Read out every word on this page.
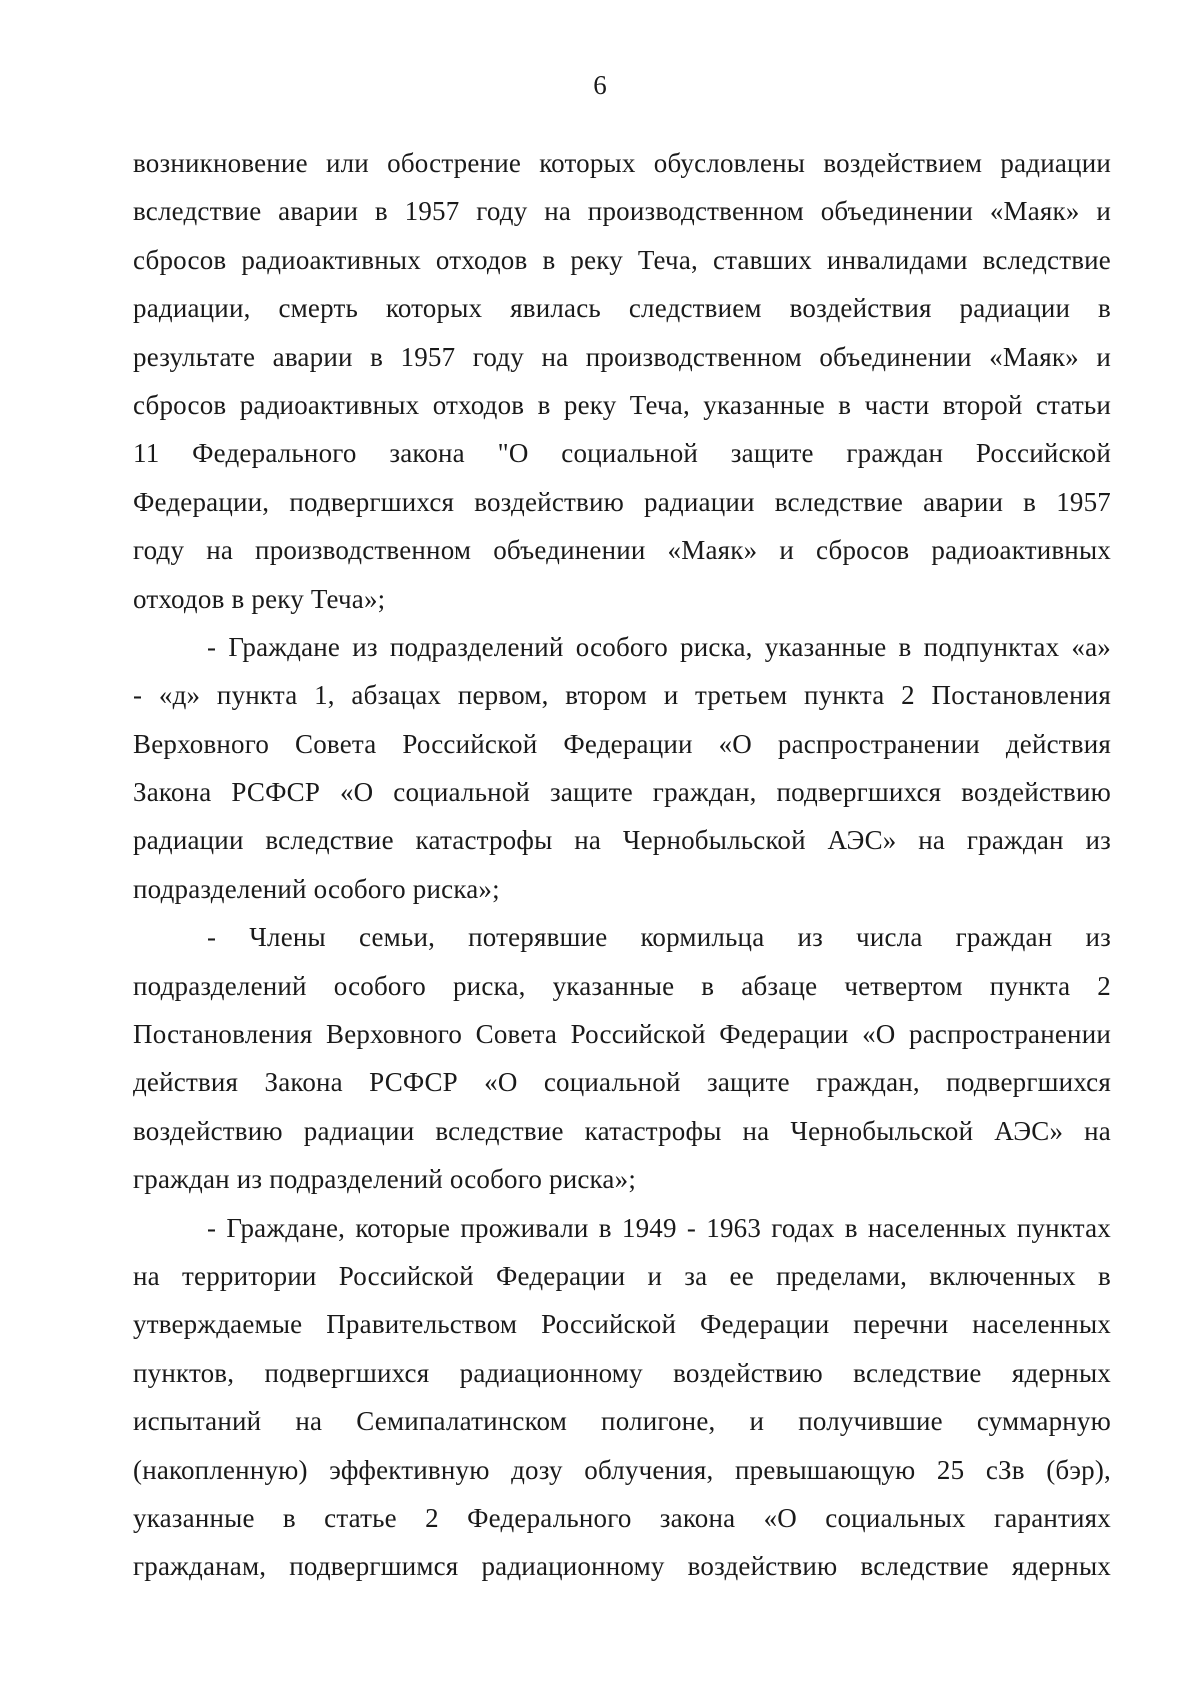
6
возникновение или обострение которых обусловлены воздействием радиации
вследствие аварии в 1957 году на производственном объединении «Маяк» и
сбросов радиоактивных отходов в реку Теча, ставших инвалидами вследствие
радиации, смерть которых явилась следствием воздействия радиации в
результате аварии в 1957 году на производственном объединении «Маяк» и
сбросов радиоактивных отходов в реку Теча, указанные в части второй статьи
11 Федерального закона "О социальной защите граждан Российской
Федерации, подвергшихся воздействию радиации вследствие аварии в 1957
году на производственном объединении «Маяк» и сбросов радиоактивных
отходов в реку Теча»;
- Граждане из подразделений особого риска, указанные в подпунктах «а»
- «д» пункта 1, абзацах первом, втором и третьем пункта 2 Постановления
Верховного Совета Российской Федерации «О распространении действия
Закона РСФСР «О социальной защите граждан, подвергшихся воздействию
радиации вследствие катастрофы на Чернобыльской АЭС» на граждан из
подразделений особого риска»;
- Члены семьи, потерявшие кормильца из числа граждан из
подразделений особого риска, указанные в абзаце четвертом пункта 2
Постановления Верховного Совета Российской Федерации «О распространении
действия Закона РСФСР «О социальной защите граждан, подвергшихся
воздействию радиации вследствие катастрофы на Чернобыльской АЭС» на
граждан из подразделений особого риска»;
- Граждане, которые проживали в 1949 - 1963 годах в населенных пунктах
на территории Российской Федерации и за ее пределами, включенных в
утверждаемые Правительством Российской Федерации перечни населенных
пунктов, подвергшихся радиационному воздействию вследствие ядерных
испытаний на Семипалатинском полигоне, и получившие суммарную
(накопленную) эффективную дозу облучения, превышающую 25 сЗв (бэр),
указанные в статье 2 Федерального закона «О социальных гарантиях
гражданам, подвергшимся радиационному воздействию вследствие ядерных
